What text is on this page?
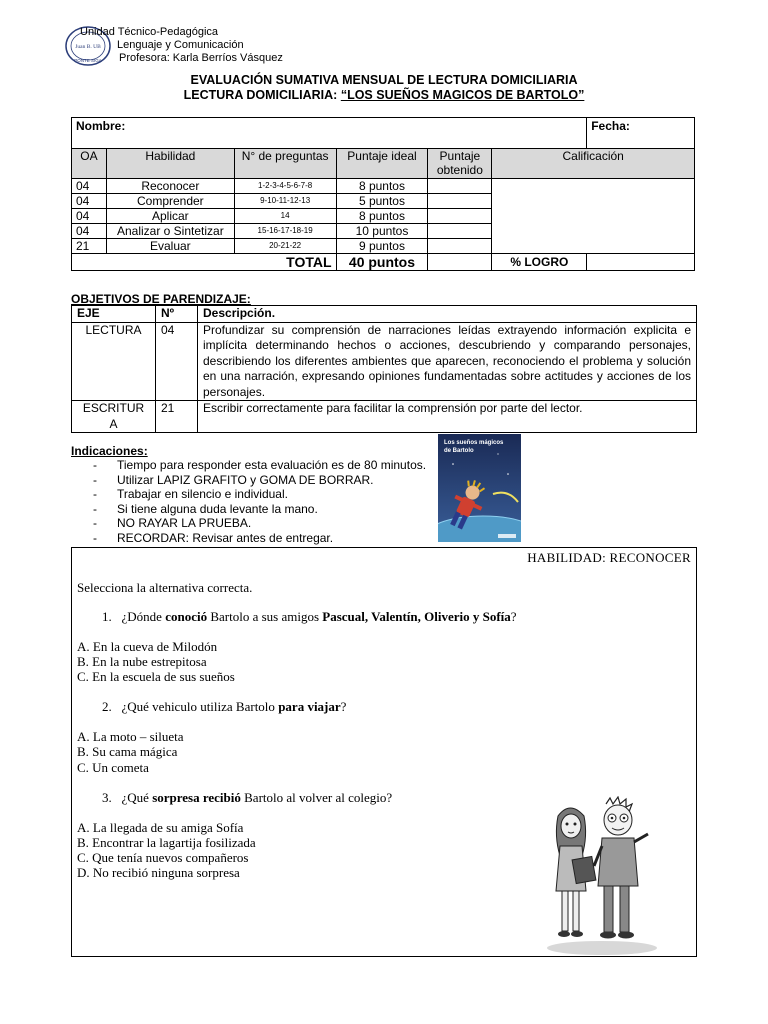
Juan B. UB
PONTE SIGA
Unidad Técnico-Pedagógica
Lenguaje y Comunicación
Profesora: Karla Berríos Vásquez
EVALUACIÓN SUMATIVA MENSUAL DE LECTURA DOMICILIARIA
LECTURA DOMICILIARIA: “LOS SUEÑOS MAGICOS DE BARTOLO”
Nombre:						Fecha:
OA	Habilidad	N° de preguntas	Puntaje ideal	Puntaje obtenido	Calificación	
04	Reconocer	1-2-3-4-5-6-7-8	8 puntos			
04	Comprender	9-10-11-12-13	5 puntos			
04	Aplicar	14	8 puntos			
04	Analizar o Sintetizar	15-16-17-18-19	10 puntos			
21	Evaluar	20-21-22	9 puntos			
TOTAL			40 puntos		% LOGRO	
OBJETIVOS DE PARENDIZAJE:
EJE	Nº	Descripción.
LECTURA	04	Profundizar su comprensión de narraciones leídas extrayendo información explicita e implícita determinando hechos o acciones, descubriendo y comparando personajes, describiendo los diferentes ambientes que aparecen, reconociendo el problema y solución en una narración, expresando opiniones fundamentadas sobre actitudes y acciones de los personajes.
ESCRITURA	21	Escribir correctamente para facilitar la comprensión por parte del lector.
Indicaciones:
- Tiempo para responder esta evaluación es de 80 minutos.
- Utilizar LAPIZ GRAFITO y GOMA DE BORRAR.
- Trabajar en silencio e individual.
- Si tiene alguna duda levante la mano.
- NO RAYAR LA PRUEBA.
- RECORDAR: Revisar antes de entregar.
Los sueños mágicos
de Bartolo
HABILIDAD: RECONOCER
Selecciona la alternativa correcta.
1. ¿Dónde conoció Bartolo a sus amigos Pascual, Valentín, Oliverio y Sofía?
A. En la cueva de Milodón
B. En la nube estrepitosa
C. En la escuela de sus sueños
2. ¿Qué vehiculo utiliza Bartolo para viajar?
A. La moto – silueta
B. Su cama mágica
C. Un cometa
3. ¿Qué sorpresa recibió Bartolo al volver al colegio?
A. La llegada de su amiga Sofía
B. Encontrar la lagartija fosilizada
C. Que tenía nuevos compañeros
D. No recibió ninguna sorpresa
